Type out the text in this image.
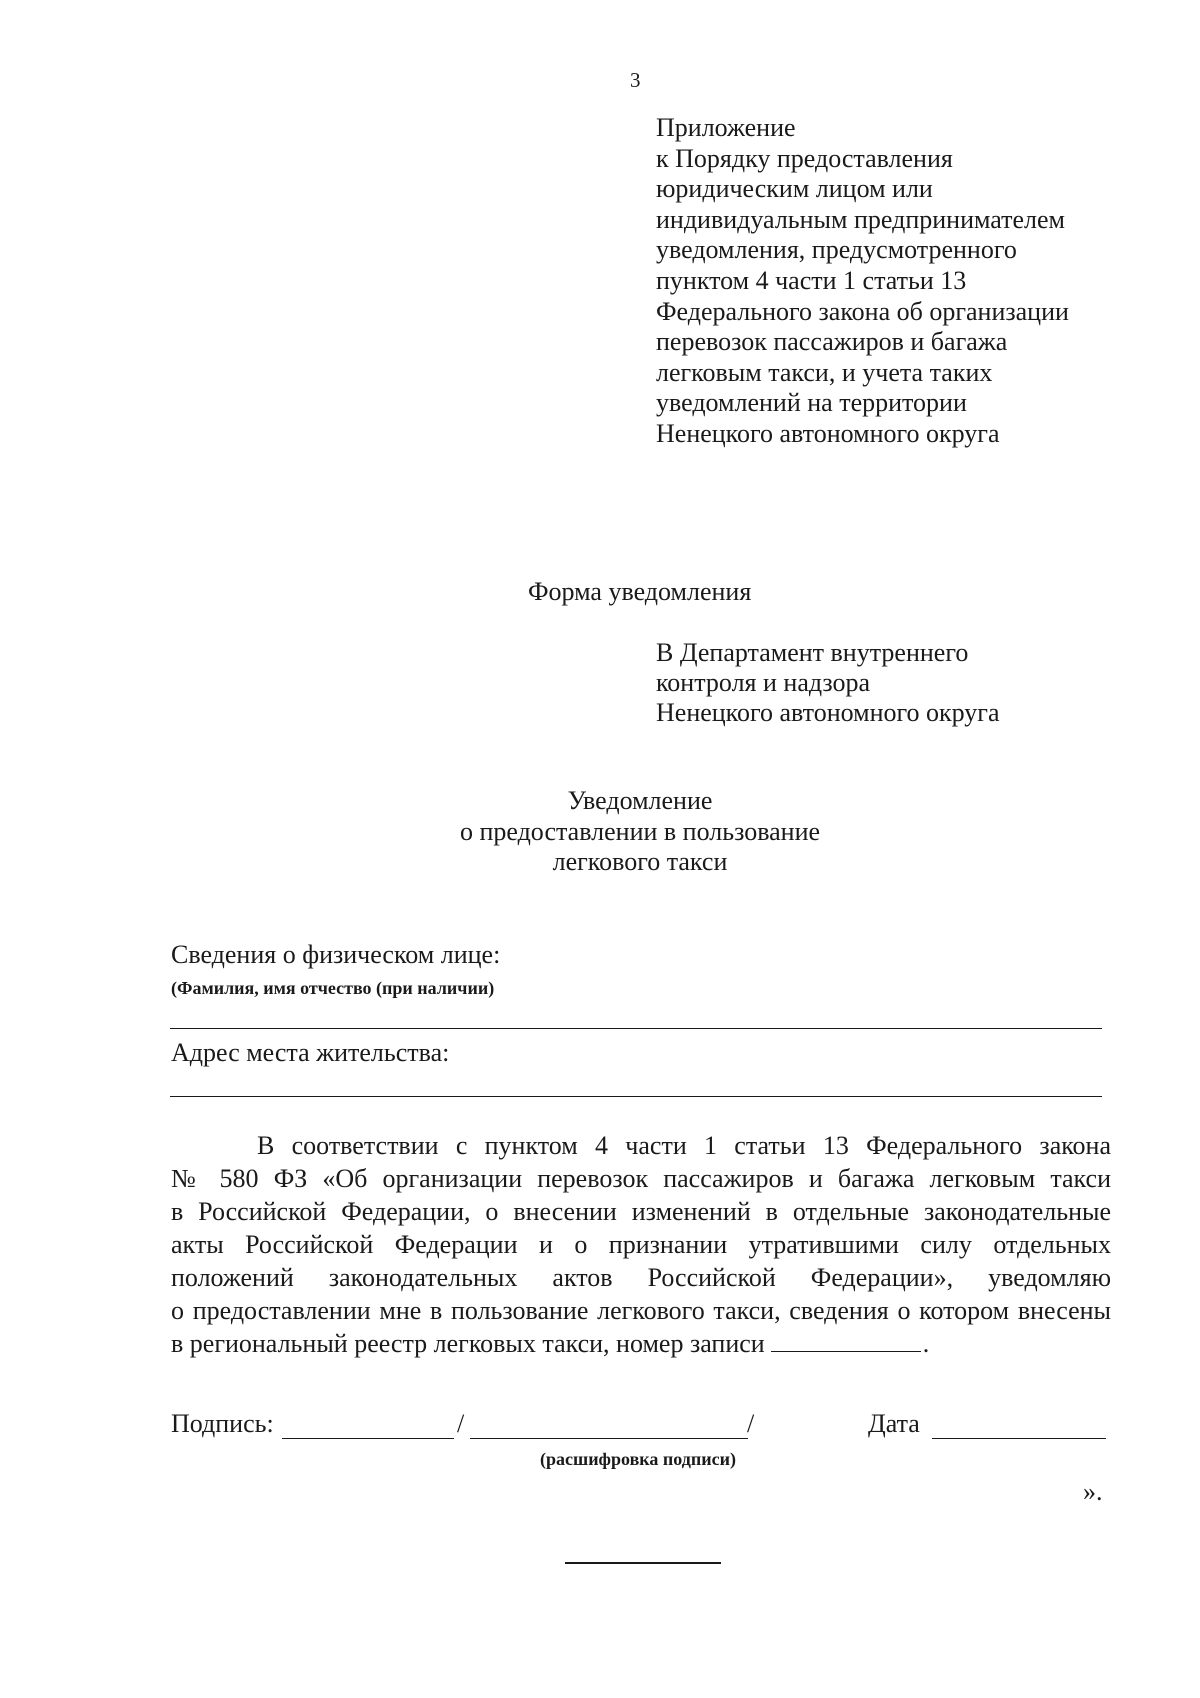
3
Приложение
к Порядку предоставления
юридическим лицом или
индивидуальным предпринимателем
уведомления, предусмотренного
пунктом 4 части 1 статьи 13
Федерального закона об организации
перевозок пассажиров и багажа
легковым такси, и учета таких
уведомлений на территории
Ненецкого автономного округа
Форма уведомления
В Департамент внутреннего
контроля и надзора
Ненецкого автономного округа
Уведомление
о предоставлении в пользование
легкового такси
Сведения о физическом лице:
(Фамилия, имя отчество (при наличии)
Адрес места жительства:
В соответствии с пунктом 4 части 1 статьи 13 Федерального закона
№ 580 ФЗ «Об организации перевозок пассажиров и багажа легковым такси
в Российской Федерации, о внесении изменений в отдельные законодательные
акты Российской Федерации и о признании утратившими силу отдельных
положений законодательных актов Российской Федерации», уведомляю
о предоставлении мне в пользование легкового такси, сведения о котором внесены
в региональный реестр легковых такси, номер записи	.
Подпись:	/	/	Дата
(расшифровка подписи)
».
